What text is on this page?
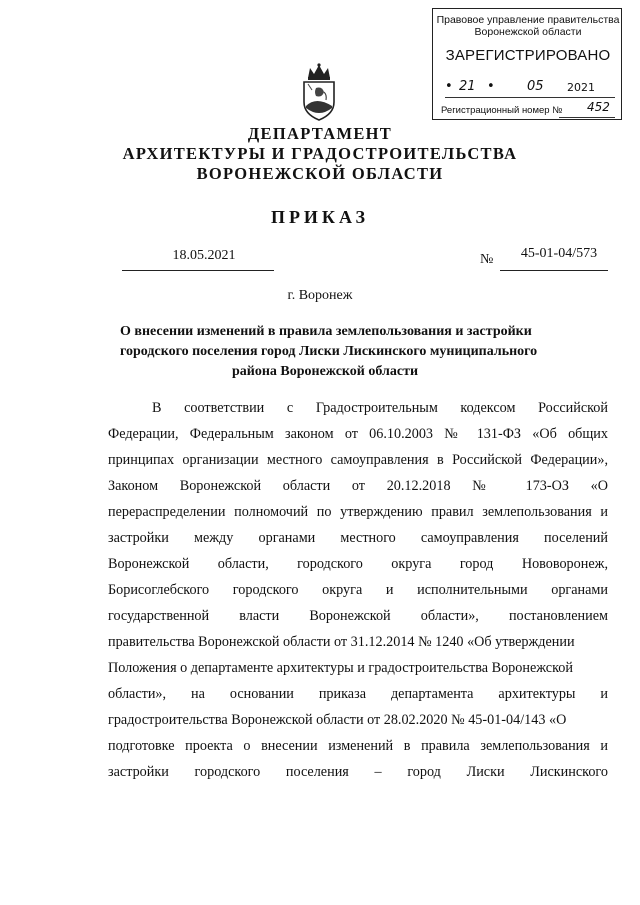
Правовое управление правительства
Воронежской области
ЗАРЕГИСТРИРОВАНО
• 21 • 05 2021
Регистрационный номер № 452
ДЕПАРТАМЕНТ
АРХИТЕКТУРЫ И ГРАДОСТРОИТЕЛЬСТВА
ВОРОНЕЖСКОЙ ОБЛАСТИ
ПРИКАЗ
18.05.2021	№	45-01-04/573
г. Воронеж
О внесении изменений в правила землепользования и застройки
городского поселения город Лиски Лискинского муниципального
района Воронежской области
В соответствии с Градостроительным кодексом Российской
Федерации, Федеральным законом от 06.10.2003 № 131-ФЗ «Об общих
принципах организации местного самоуправления в Российской Федерации»,
Законом Воронежской области от 20.12.2018 № 173-ОЗ «О
перераспределении полномочий по утверждению правил землепользования и
застройки между органами местного самоуправления поселений
Воронежской области, городского округа город Нововоронеж,
Борисоглебского городского округа и исполнительными органами
государственной власти Воронежской области», постановлением
правительства Воронежской области от 31.12.2014 № 1240 «Об утверждении
Положения о департаменте архитектуры и градостроительства Воронежской
области», на основании приказа департамента архитектуры и
градостроительства Воронежской области от 28.02.2020 № 45-01-04/143 «О
подготовке проекта о внесении изменений в правила землепользования и
застройки городского поселения – город Лиски Лискинского
